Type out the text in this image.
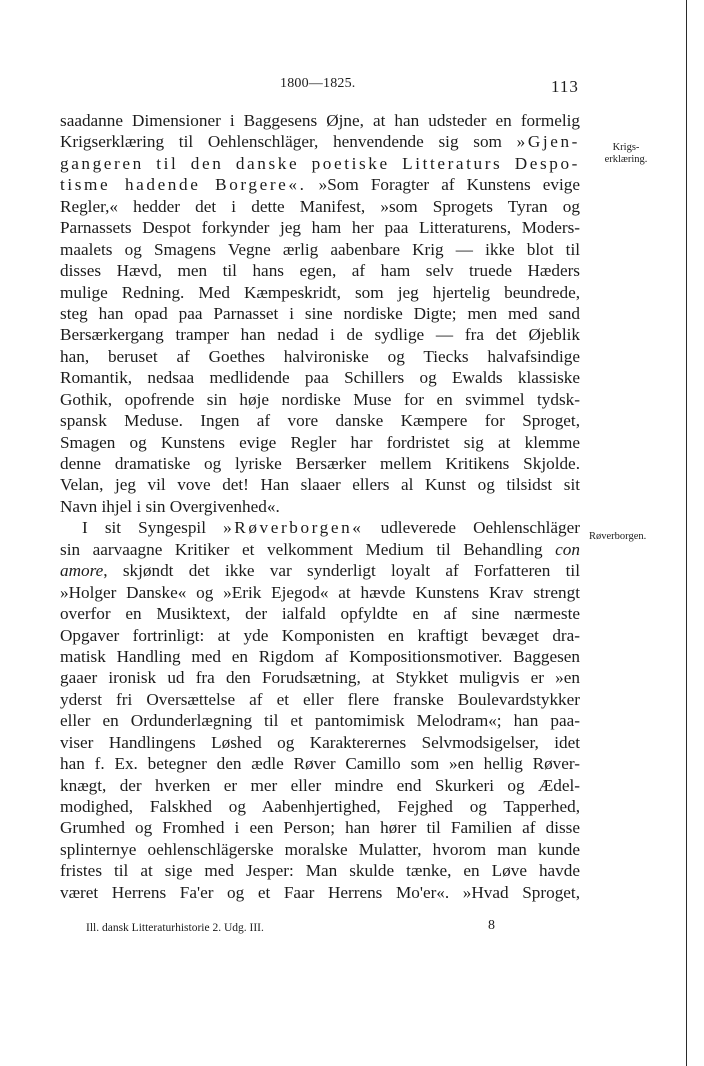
1800—1825.	113
Krigs-
erklæring.
Røverborgen.
saadanne Dimensioner i Baggesens Øjne, at han udsteder en formelig
Krigserklæring til Oehlenschläger, henvendende sig som »Gjen-
gangeren til den danske poetiske Litteraturs Despo-
tisme hadende Borgere«. »Som Foragter af Kunstens evige
Regler,« hedder det i dette Manifest, »som Sprogets Tyran og
Parnassets Despot forkynder jeg ham her paa Litteraturens, Moders-
maalets og Smagens Vegne ærlig aabenbare Krig — ikke blot til
disses Hævd, men til hans egen, af ham selv truede Hæders
mulige Redning. Med Kæmpeskridt, som jeg hjertelig beundrede,
steg han opad paa Parnasset i sine nordiske Digte; men med sand
Bersærkergang tramper han nedad i de sydlige — fra det Øjeblik
han, beruset af Goethes halvironiske og Tiecks halvafsindige
Romantik, nedsaa medlidende paa Schillers og Ewalds klassiske
Gothik, opofrende sin høje nordiske Muse for en svimmel tydsk-
spansk Meduse. Ingen af vore danske Kæmpere for Sproget,
Smagen og Kunstens evige Regler har fordristet sig at klemme
denne dramatiske og lyriske Bersærker mellem Kritikens Skjolde.
Velan, jeg vil vove det! Han slaaer ellers al Kunst og tilsidst sit
Navn ihjel i sin Overgivenhed«.
I sit Syngespil »Røverborgen« udleverede Oehlenschläger
sin aarvaagne Kritiker et velkomment Medium til Behandling con
amore, skjøndt det ikke var synderligt loyalt af Forfatteren til
»Holger Danske« og »Erik Ejegod« at hævde Kunstens Krav strengt
overfor en Musiktext, der ialfald opfyldte en af sine nærmeste
Opgaver fortrinligt: at yde Komponisten en kraftigt bevæget dra-
matisk Handling med en Rigdom af Kompositionsmotiver. Baggesen
gaaer ironisk ud fra den Forudsætning, at Stykket muligvis er »en
yderst fri Oversættelse af et eller flere franske Boulevardstykker
eller en Ordunderlægning til et pantomimisk Melodram«; han paa-
viser Handlingens Løshed og Karakterernes Selvmodsigelser, idet
han f. Ex. betegner den ædle Røver Camillo som »en hellig Røver-
knægt, der hverken er mer eller mindre end Skurkeri og Ædel-
modighed, Falskhed og Aabenhjertighed, Fejghed og Tapperhed,
Grumhed og Fromhed i een Person; han hører til Familien af disse
splinternye oehlenschlägerske moralske Mulatter, hvorom man kunde
fristes til at sige med Jesper: Man skulde tænke, en Løve havde
været Herrens Fa'er og et Faar Herrens Mo'er«. »Hvad Sproget,
Ill. dansk Litteraturhistorie 2. Udg. III.	8
